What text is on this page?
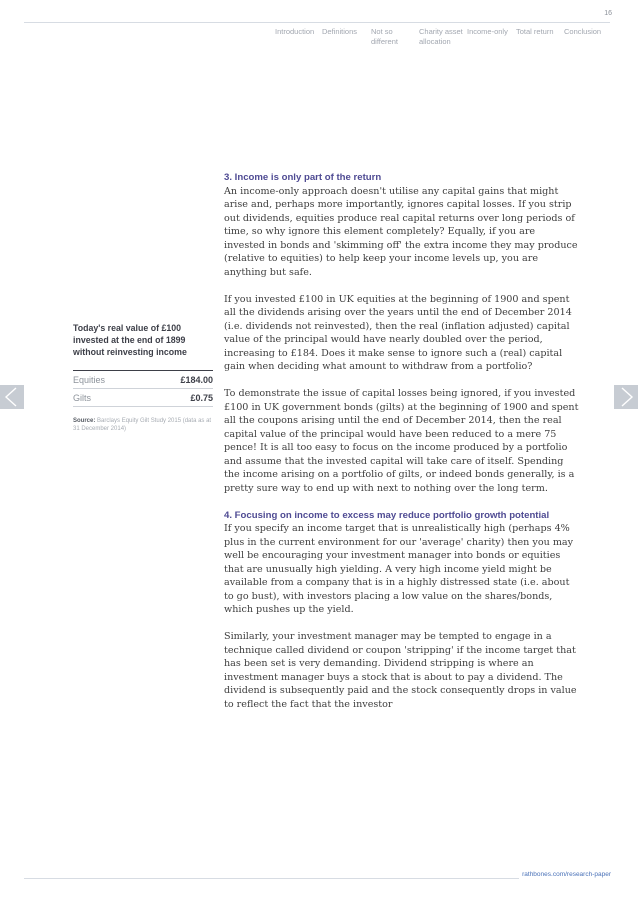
16
Introduction Definitions Not so different
Charity asset allocation
Income-only Total return Conclusion

Today's real value of £100 invested at the end of 1899 without reinvesting income

Equities	£184.00
Gilts	£0.75
Source: Barclays Equity Gilt Study 2015 (data as at 31 December 2014)
3. Income is only part of the return

An income-only approach doesn't utilise any capital gains that might arise and, perhaps more importantly, ignores capital losses. If you strip out dividends, equities produce real capital returns over long periods of time, so why ignore this element completely? Equally, if you are invested in bonds and 'skimming off' the extra income they may produce (relative to equities) to help keep your income levels up, you are anything but safe.

If you invested £100 in UK equities at the beginning of 1900 and spent all the dividends arising over the years until the end of December 2014 (i.e. dividends not reinvested), then the real (inflation adjusted) capital value of the principal would have nearly doubled over the period, increasing to £184. Does it make sense to ignore such a (real) capital gain when deciding what amount to withdraw from a portfolio?

To demonstrate the issue of capital losses being ignored, if you invested £100 in UK government bonds (gilts) at the beginning of 1900 and spent all the coupons arising until the end of December 2014, then the real capital value of the principal would have been reduced to a mere 75 pence! It is all too easy to focus on the income produced by a portfolio and assume that the invested capital will take care of itself. Spending the income arising on a portfolio of gilts, or indeed bonds generally, is a pretty sure way to end up with next to nothing over the long term.

4. Focusing on income to excess may reduce portfolio growth potential

If you specify an income target that is unrealistically high (perhaps 4% plus in the current environment for our 'average' charity) then you may well be encouraging your investment manager into bonds or equities that are unusually high yielding. A very high income yield might be available from a company that is in a highly distressed state (i.e. about to go bust), with investors placing a low value on the shares/bonds, which pushes up the yield.

Similarly, your investment manager may be tempted to engage in a technique called dividend or coupon 'stripping' if the income target that has been set is very demanding. Dividend stripping is where an investment manager buys a stock that is about to pay a dividend. The dividend is subsequently paid and the stock consequently drops in value to reflect the fact that the investor

rathbones.com/research-paper
